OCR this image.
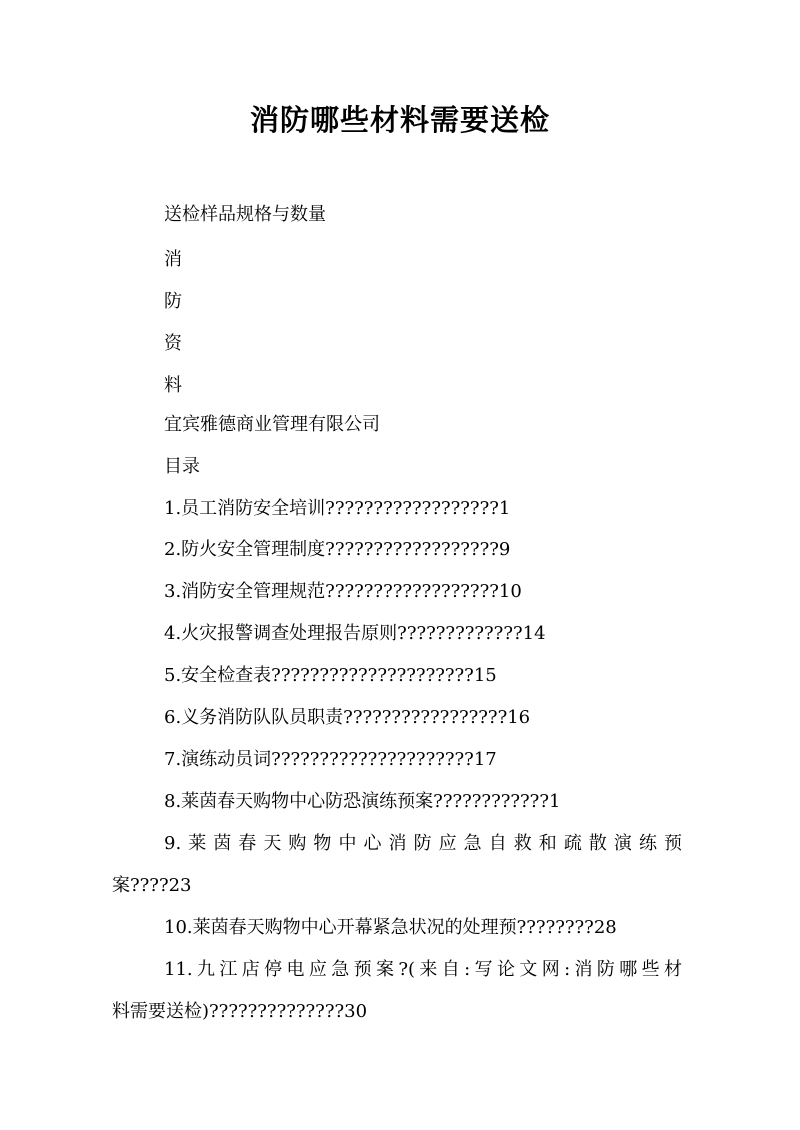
消防哪些材料需要送检
送检样品规格与数量
消
防
资
料
宜宾雅德商业管理有限公司
目录
1.员工消防安全培训??????????????????1
2.防火安全管理制度??????????????????9
3.消防安全管理规范??????????????????10
4.火灾报警调查处理报告原则?????????????14
5.安全检查表?????????????????????15
6.义务消防队队员职责?????????????????16
7.演练动员词?????????????????????17
8.莱茵春天购物中心防恐演练预案????????????1
9.莱茵春天购物中心消防应急自救和疏散演练预
案????23
10.莱茵春天购物中心开幕紧急状况的处理预????????28
11.九江店停电应急预案?(来自:写论文网:消防哪些材
料需要送检)??????????????30
